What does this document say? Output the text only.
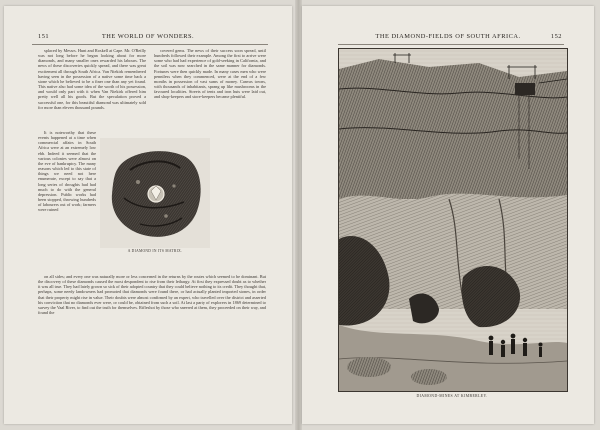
151	THE WORLD OF WONDERS.

splaced by Messrs. Hunt and Roskell at Cape. Mr. O'Reilly was not long before he began looking about for more diamonds, and many smaller ones rewarded his labours. The news of these discoveries quickly spread, and there was great excitement all through South Africa. Van Niekirk remembered having seen in the possession of a native some time back a stone which he believed to be a finer one than any yet found. This native also had some idea of the worth of his possession, and would only part with it when Van Niekirk offered him pretty well all his goods. But the speculation proved a successful one, for this beautiful diamond was ultimately sold for more than eleven thousand pounds.

covered gems. The news of their success soon spread, until hundreds followed their example. Among the first to arrive were some who had had experience of gold-seeking in California, and the soil was now searched in the same manner for diamonds. Fortunes were then quickly made. In many cases men who were penniless when they commenced, were at the end of a few months in possession of vast sums of money. Canvas towns, with thousands of inhabitants, sprang up like mushrooms in the favoured localities. Streets of tents and iron huts were laid out, and shop-keepers and store-keepers became plentiful.

It is noteworthy that these events happened at a time when commercial affairs in South Africa were at an extremely low ebb. Indeed it seemed that the various colonies were almost on the eve of bankruptcy. The many reasons which led to this state of things we need not here enumerate, except to say that a long series of droughts had had much to do with the general depression. Public works had been stopped, throwing hundreds of labourers out of work; farmers were ruined

A DIAMOND IN ITS MATRIX.

on all sides; and every one was naturally more or less concerned in the returns by the routes which seemed to be dominant. But the discovery of these diamonds caused the most despondent to rise from their lethargy. At first they expressed doubt as to whether it was all true. They had lately grown so sick of their adopted country that they could believe nothing to its credit. They thought that, perhaps, some needy landowners had promoted that diamonds were found there, or had actually planted imported stones, in order that their property might rise in value. Their doubts were almost confirmed by an expert, who travelled over the district and asserted his conviction that no diamonds ever were, or could be, obtained from such a soil. At last a party of explorers in 1869 determined to survey the Vaal River, to find out the truth for themselves. Rifleshot by those who sneered at them, they proceeded on their way, and found the

THE DIAMOND-FIELDS OF SOUTH AFRICA.	152
DIAMOND-MINES AT KIMBERLEY.
